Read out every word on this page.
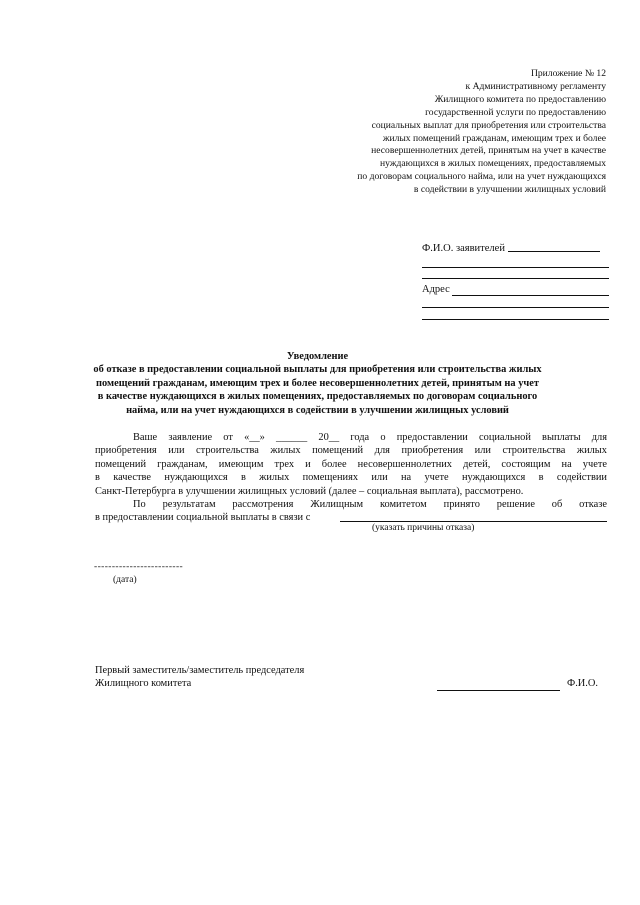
Приложение № 12
к Административному регламенту
Жилищного комитета по предоставлению
государственной услуги по предоставлению
социальных выплат для приобретения или строительства
жилых помещений гражданам, имеющим трех и более
несовершеннолетних детей, принятым на учет в качестве
нуждающихся в жилых помещениях, предоставляемых
по договорам социального найма, или на учет нуждающихся
в содействии в улучшении жилищных условий
Ф.И.О. заявителей
Адрес
Уведомление
об отказе в предоставлении социальной выплаты для приобретения или строительства жилых
помещений гражданам, имеющим трех и более несовершеннолетних детей, принятым на учет
в качестве нуждающихся в жилых помещениях, предоставляемых по договорам социального
найма, или на учет нуждающихся в содействии в улучшении жилищных условий
Ваше заявление от «__» ______ 20__ года о предоставлении социальной выплаты для
приобретения или строительства жилых помещений для приобретения или строительства жилых
помещений гражданам, имеющим трех и более несовершеннолетних детей, состоящим на учете
в качестве нуждающихся в жилых помещениях или на учете нуждающихся в содействии
Санкт-Петербурга в улучшении жилищных условий (далее – социальная выплата), рассмотрено.
По результатам рассмотрения Жилищным комитетом принято решение об отказе
в предоставлении социальной выплаты в связи с
(указать причины отказа)
-------------------------
(дата)
Первый заместитель/заместитель председателя
Жилищного комитета	Ф.И.О.
